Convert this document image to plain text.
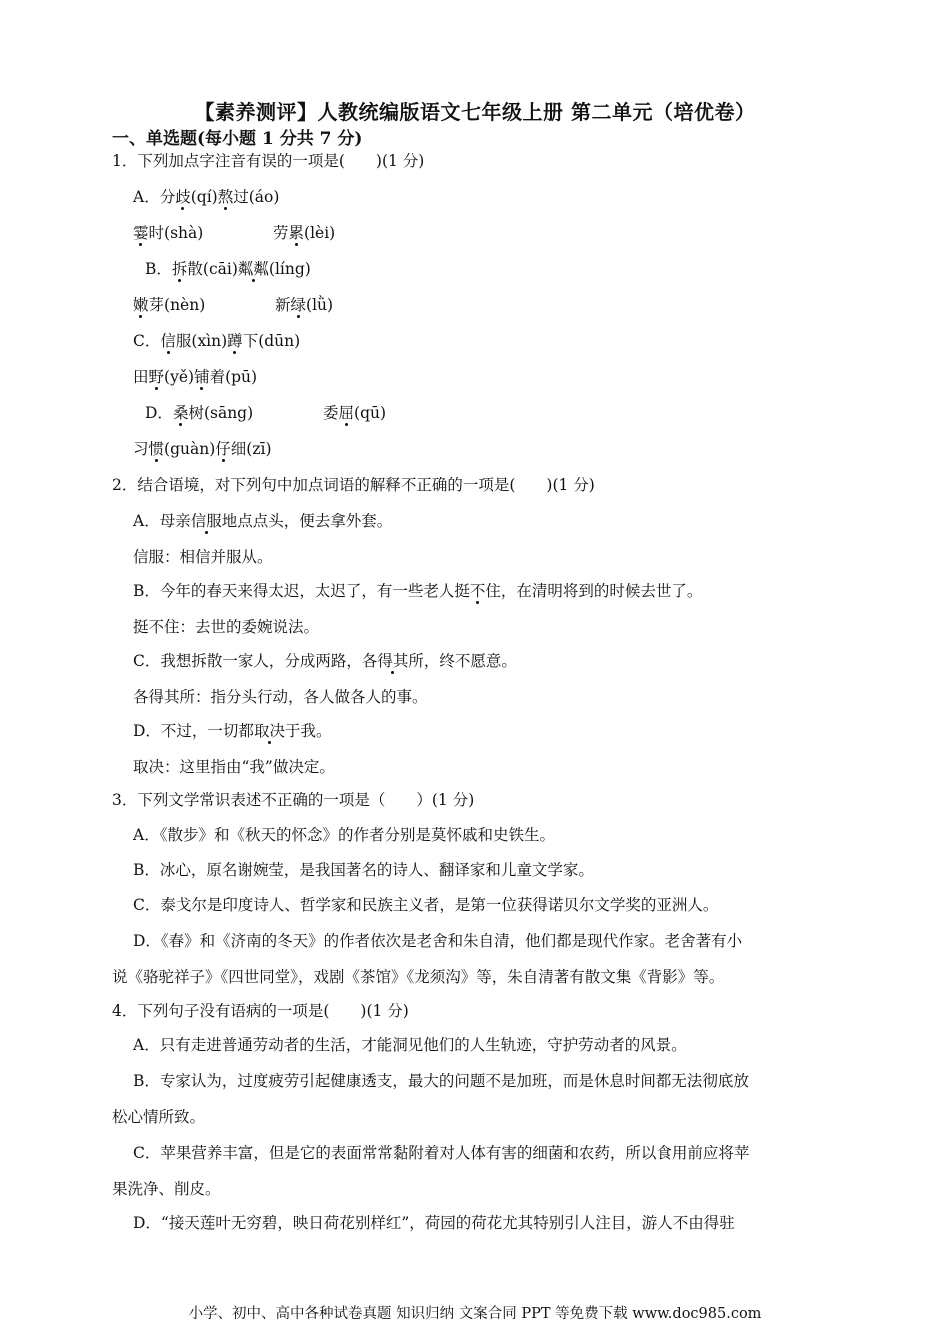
【素养测评】人教统编版语文七年级上册 第二单元（培优卷）
一、单选题(每小题 1 分共 7 分)
1．下列加点字注音有误的一项是(　　)(1 分)
A．分歧(qí)熬过(áo)
霎时(shà)	劳累(lèi)
B．拆散(cāi)粼粼(líng)
嫩芽(nèn)	新绿(lǜ)
C．信服(xìn)蹲下(dūn)
田野(yě)铺着(pū)
D．桑树(sāng)	委屈(qū)
习惯(guàn)仔细(zī)
2．结合语境，对下列句中加点词语的解释不正确的一项是(　　)(1 分)
A．母亲信服地点点头，便去拿外套。
信服：相信并服从。
B．今年的春天来得太迟，太迟了，有一些老人挺不住，在清明将到的时候去世了。
挺不住：去世的委婉说法。
C．我想拆散一家人，分成两路，各得其所，终不愿意。
各得其所：指分头行动，各人做各人的事。
D．不过，一切都取决于我。
取决：这里指由“我”做决定。
3．下列文学常识表述不正确的一项是（　　）(1 分)
A．《散步》和《秋天的怀念》的作者分别是莫怀戚和史铁生。
B．冰心，原名谢婉莹，是我国著名的诗人、翻译家和儿童文学家。
C．泰戈尔是印度诗人、哲学家和民族主义者，是第一位获得诺贝尔文学奖的亚洲人。
D．《春》和《济南的冬天》的作者依次是老舍和朱自清，他们都是现代作家。老舍著有小
说《骆驼祥子》《四世同堂》，戏剧《茶馆》《龙须沟》等，朱自清著有散文集《背影》等。
4．下列句子没有语病的一项是(　　)(1 分)
A．只有走进普通劳动者的生活，才能洞见他们的人生轨迹，守护劳动者的风景。
B．专家认为，过度疲劳引起健康透支，最大的问题不是加班，而是休息时间都无法彻底放
松心情所致。
C．苹果营养丰富，但是它的表面常常黏附着对人体有害的细菌和农药，所以食用前应将苹
果洗净、削皮。
D．“接天莲叶无穷碧，映日荷花别样红”，荷园的荷花尤其特别引人注目，游人不由得驻
小学、初中、高中各种试卷真题 知识归纳 文案合同 PPT 等免费下载 www.doc985.com
